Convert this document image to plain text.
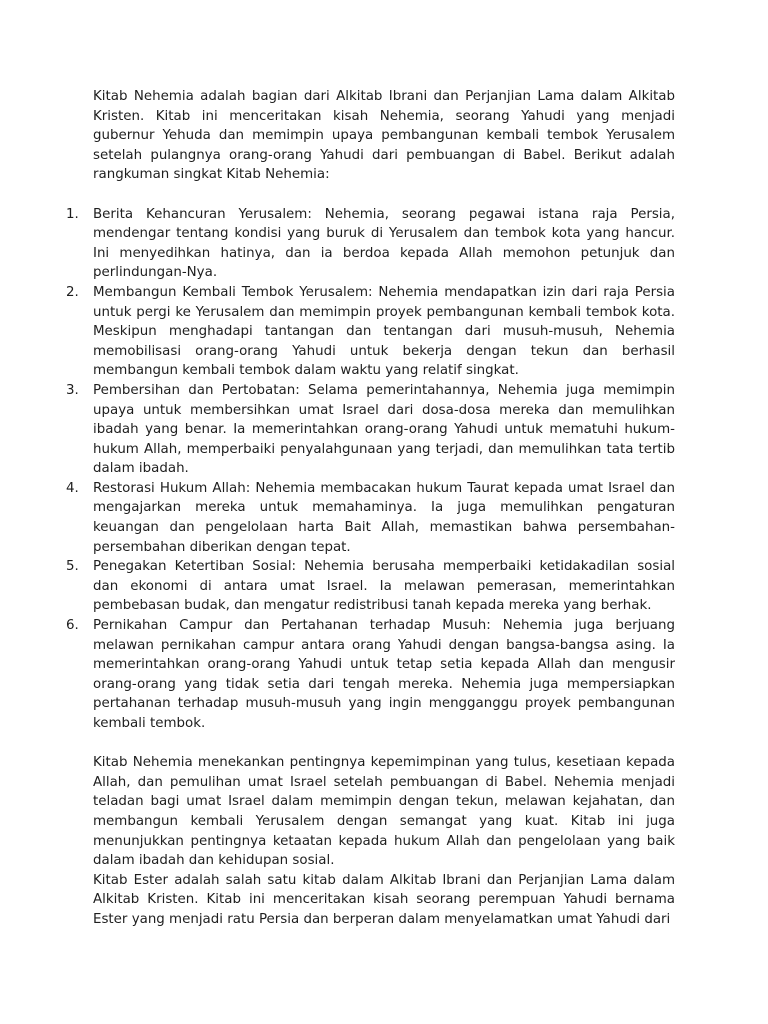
Kitab Nehemia adalah bagian dari Alkitab Ibrani dan Perjanjian Lama dalam Alkitab Kristen. Kitab ini menceritakan kisah Nehemia, seorang Yahudi yang menjadi gubernur Yehuda dan memimpin upaya pembangunan kembali tembok Yerusalem setelah pulangnya orang-orang Yahudi dari pembuangan di Babel. Berikut adalah rangkuman singkat Kitab Nehemia:

1.	Berita Kehancuran Yerusalem: Nehemia, seorang pegawai istana raja Persia, mendengar tentang kondisi yang buruk di Yerusalem dan tembok kota yang hancur. Ini menyedihkan hatinya, dan ia berdoa kepada Allah memohon petunjuk dan perlindungan-Nya.
2.	Membangun Kembali Tembok Yerusalem: Nehemia mendapatkan izin dari raja Persia untuk pergi ke Yerusalem dan memimpin proyek pembangunan kembali tembok kota. Meskipun menghadapi tantangan dan tentangan dari musuh-musuh, Nehemia memobilisasi orang-orang Yahudi untuk bekerja dengan tekun dan berhasil membangun kembali tembok dalam waktu yang relatif singkat.
3.	Pembersihan dan Pertobatan: Selama pemerintahannya, Nehemia juga memimpin upaya untuk membersihkan umat Israel dari dosa-dosa mereka dan memulihkan ibadah yang benar. Ia memerintahkan orang-orang Yahudi untuk mematuhi hukum-hukum Allah, memperbaiki penyalahgunaan yang terjadi, dan memulihkan tata tertib dalam ibadah.
4.	Restorasi Hukum Allah: Nehemia membacakan hukum Taurat kepada umat Israel dan mengajarkan mereka untuk memahaminya. Ia juga memulihkan pengaturan keuangan dan pengelolaan harta Bait Allah, memastikan bahwa persembahan-persembahan diberikan dengan tepat.
5.	Penegakan Ketertiban Sosial: Nehemia berusaha memperbaiki ketidakadilan sosial dan ekonomi di antara umat Israel. Ia melawan pemerasan, memerintahkan pembebasan budak, dan mengatur redistribusi tanah kepada mereka yang berhak.
6.	Pernikahan Campur dan Pertahanan terhadap Musuh: Nehemia juga berjuang melawan pernikahan campur antara orang Yahudi dengan bangsa-bangsa asing. Ia memerintahkan orang-orang Yahudi untuk tetap setia kepada Allah dan mengusir orang-orang yang tidak setia dari tengah mereka. Nehemia juga mempersiapkan pertahanan terhadap musuh-musuh yang ingin mengganggu proyek pembangunan kembali tembok.

Kitab Nehemia menekankan pentingnya kepemimpinan yang tulus, kesetiaan kepada Allah, dan pemulihan umat Israel setelah pembuangan di Babel. Nehemia menjadi teladan bagi umat Israel dalam memimpin dengan tekun, melawan kejahatan, dan membangun kembali Yerusalem dengan semangat yang kuat. Kitab ini juga menunjukkan pentingnya ketaatan kepada hukum Allah dan pengelolaan yang baik dalam ibadah dan kehidupan sosial.

Kitab Ester adalah salah satu kitab dalam Alkitab Ibrani dan Perjanjian Lama dalam Alkitab Kristen. Kitab ini menceritakan kisah seorang perempuan Yahudi bernama Ester yang menjadi ratu Persia dan berperan dalam menyelamatkan umat Yahudi dari
